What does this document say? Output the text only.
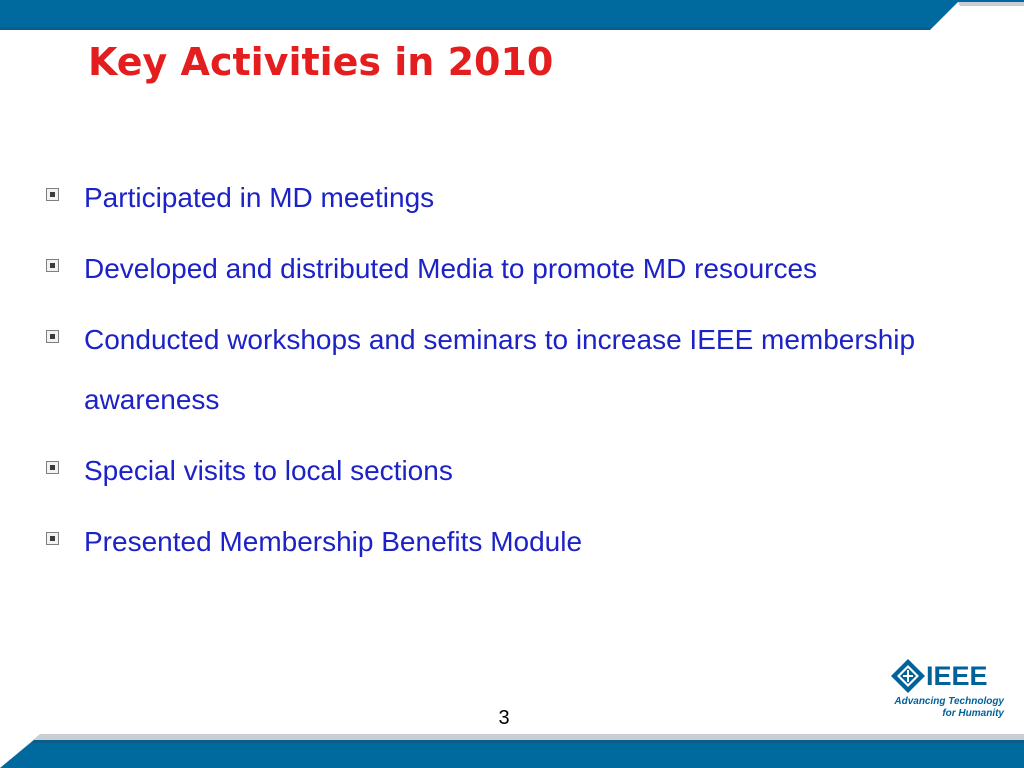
Key Activities in 2010
Participated in MD meetings
Developed and distributed Media to promote MD resources
Conducted workshops and seminars to increase IEEE membership awareness
Special visits to local sections
Presented Membership Benefits Module
IEEE
Advancing Technology
for Humanity
3
